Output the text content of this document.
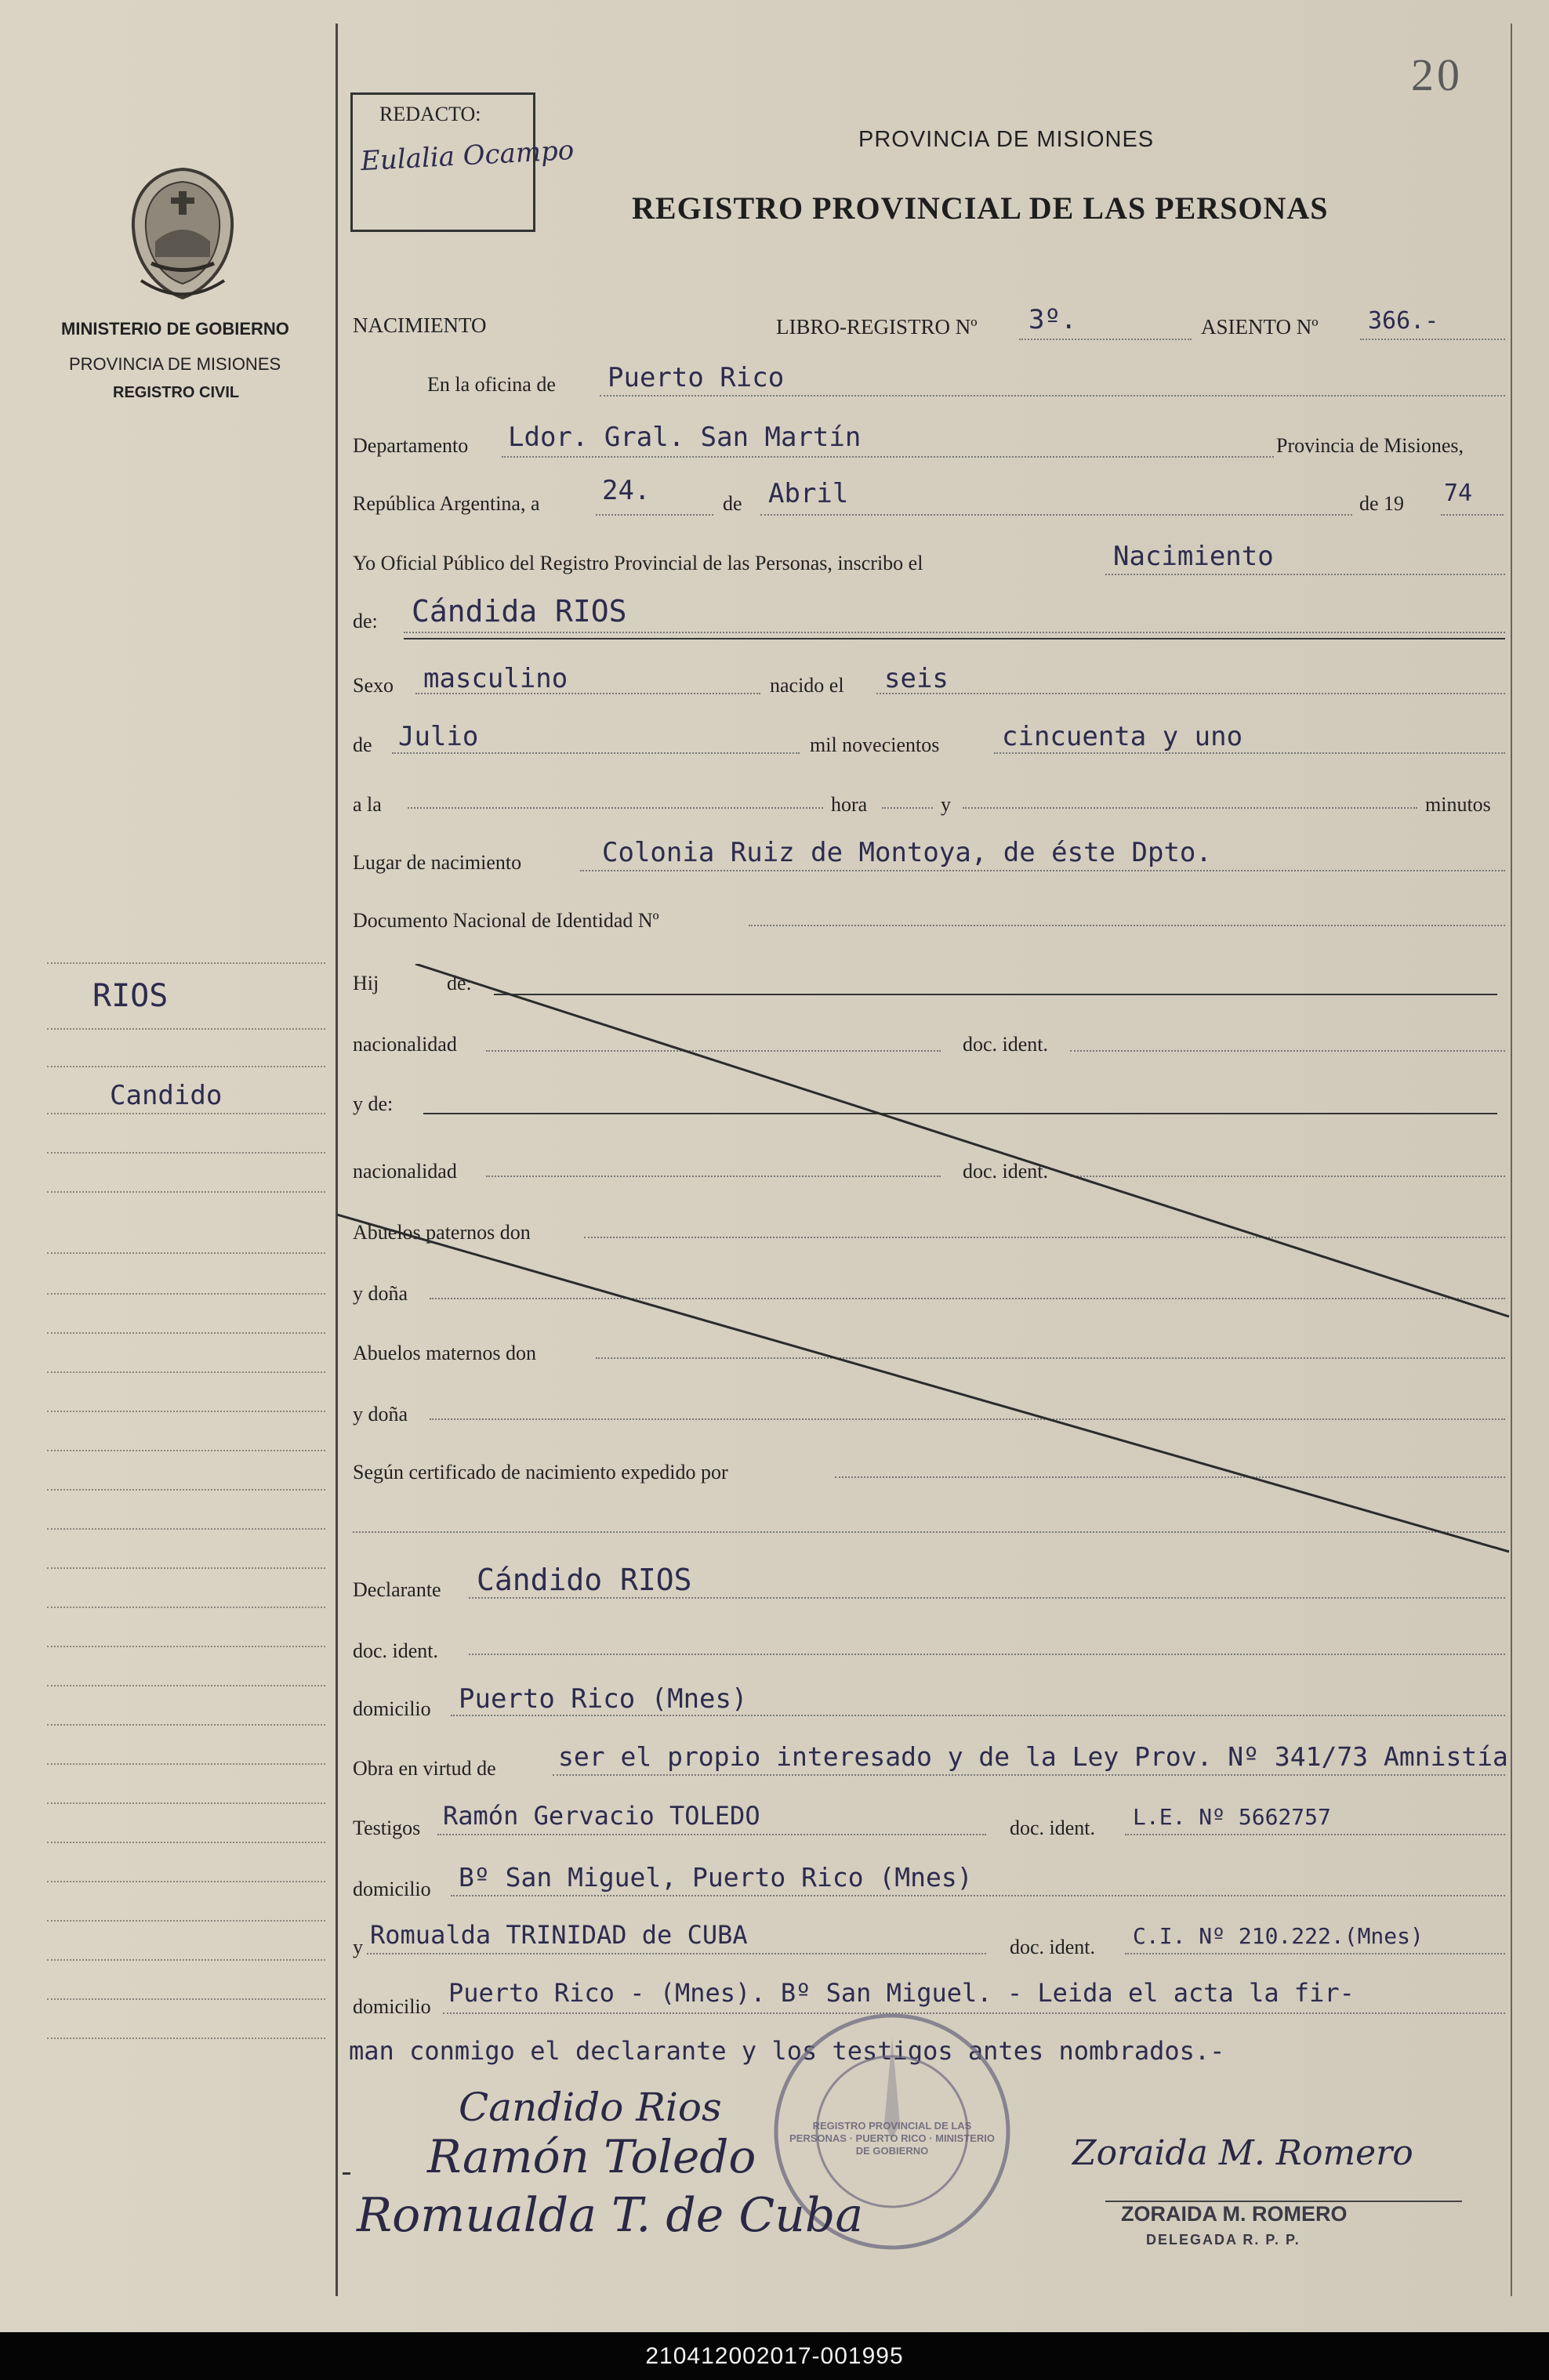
20
REDACTO:
Eulalia Ocampo	PROVINCIA DE MISIONES
REGISTRO PROVINCIAL DE LAS PERSONAS
MINISTERIO DE GOBIERNO
PROVINCIA DE MISIONES
REGISTRO CIVIL
RIOS
Candido
NACIMIENTO	LIBRO-REGISTRO Nº 3º.	ASIENTO Nº 366.-
En la oficina de Puerto Rico
Departamento Ldor. Gral. San Martín	Provincia de Misiones,
República Argentina, a 24.	de Abril	de 19 74
Yo Oficial Público del Registro Provincial de las Personas, inscribo el	Nacimiento
de: Cándida RIOS
Sexo masculino	nacido el seis
de Julio	mil novecientos cincuenta y uno
a la	hora	y	minutos
Lugar de nacimiento	Colonia Ruiz de Montoya, de éste Dpto.
Documento Nacional de Identidad Nº
Hij	de:
nacionalidad	doc. ident.
y de:
nacionalidad	doc. ident.
Abuelos paternos don
y doña
Abuelos maternos don
y doña
Según certificado de nacimiento expedido por
Declarante Cándido RIOS
doc. ident.
domicilio Puerto Rico (Mnes)
Obra en virtud de ser el propio interesado y de la Ley Prov. Nº 341/73 Amnistía
Testigos Ramón Gervacio TOLEDO	doc. ident. L.E. Nº 5662757
domicilio Bº San Miguel, Puerto Rico (Mnes)
y Romualda TRINIDAD de CUBA	doc. ident. C.I. Nº 210.222.(Mnes)
domicilio Puerto Rico - (Mnes). Bº San Miguel. - Leida el acta la fir-
man conmigo el declarante y los testigos antes nombrados.-
REGISTRO PROVINCIAL DE LAS PERSONAS · PUERTO RICO · MINISTERIO DE GOBIERNO
Candido Rios
Ramón Toledo
Romualda T. de Cuba
Zoraida M. Romero
ZORAIDA M. ROMERO
DELEGADA R. P. P.
210412002017-001995
